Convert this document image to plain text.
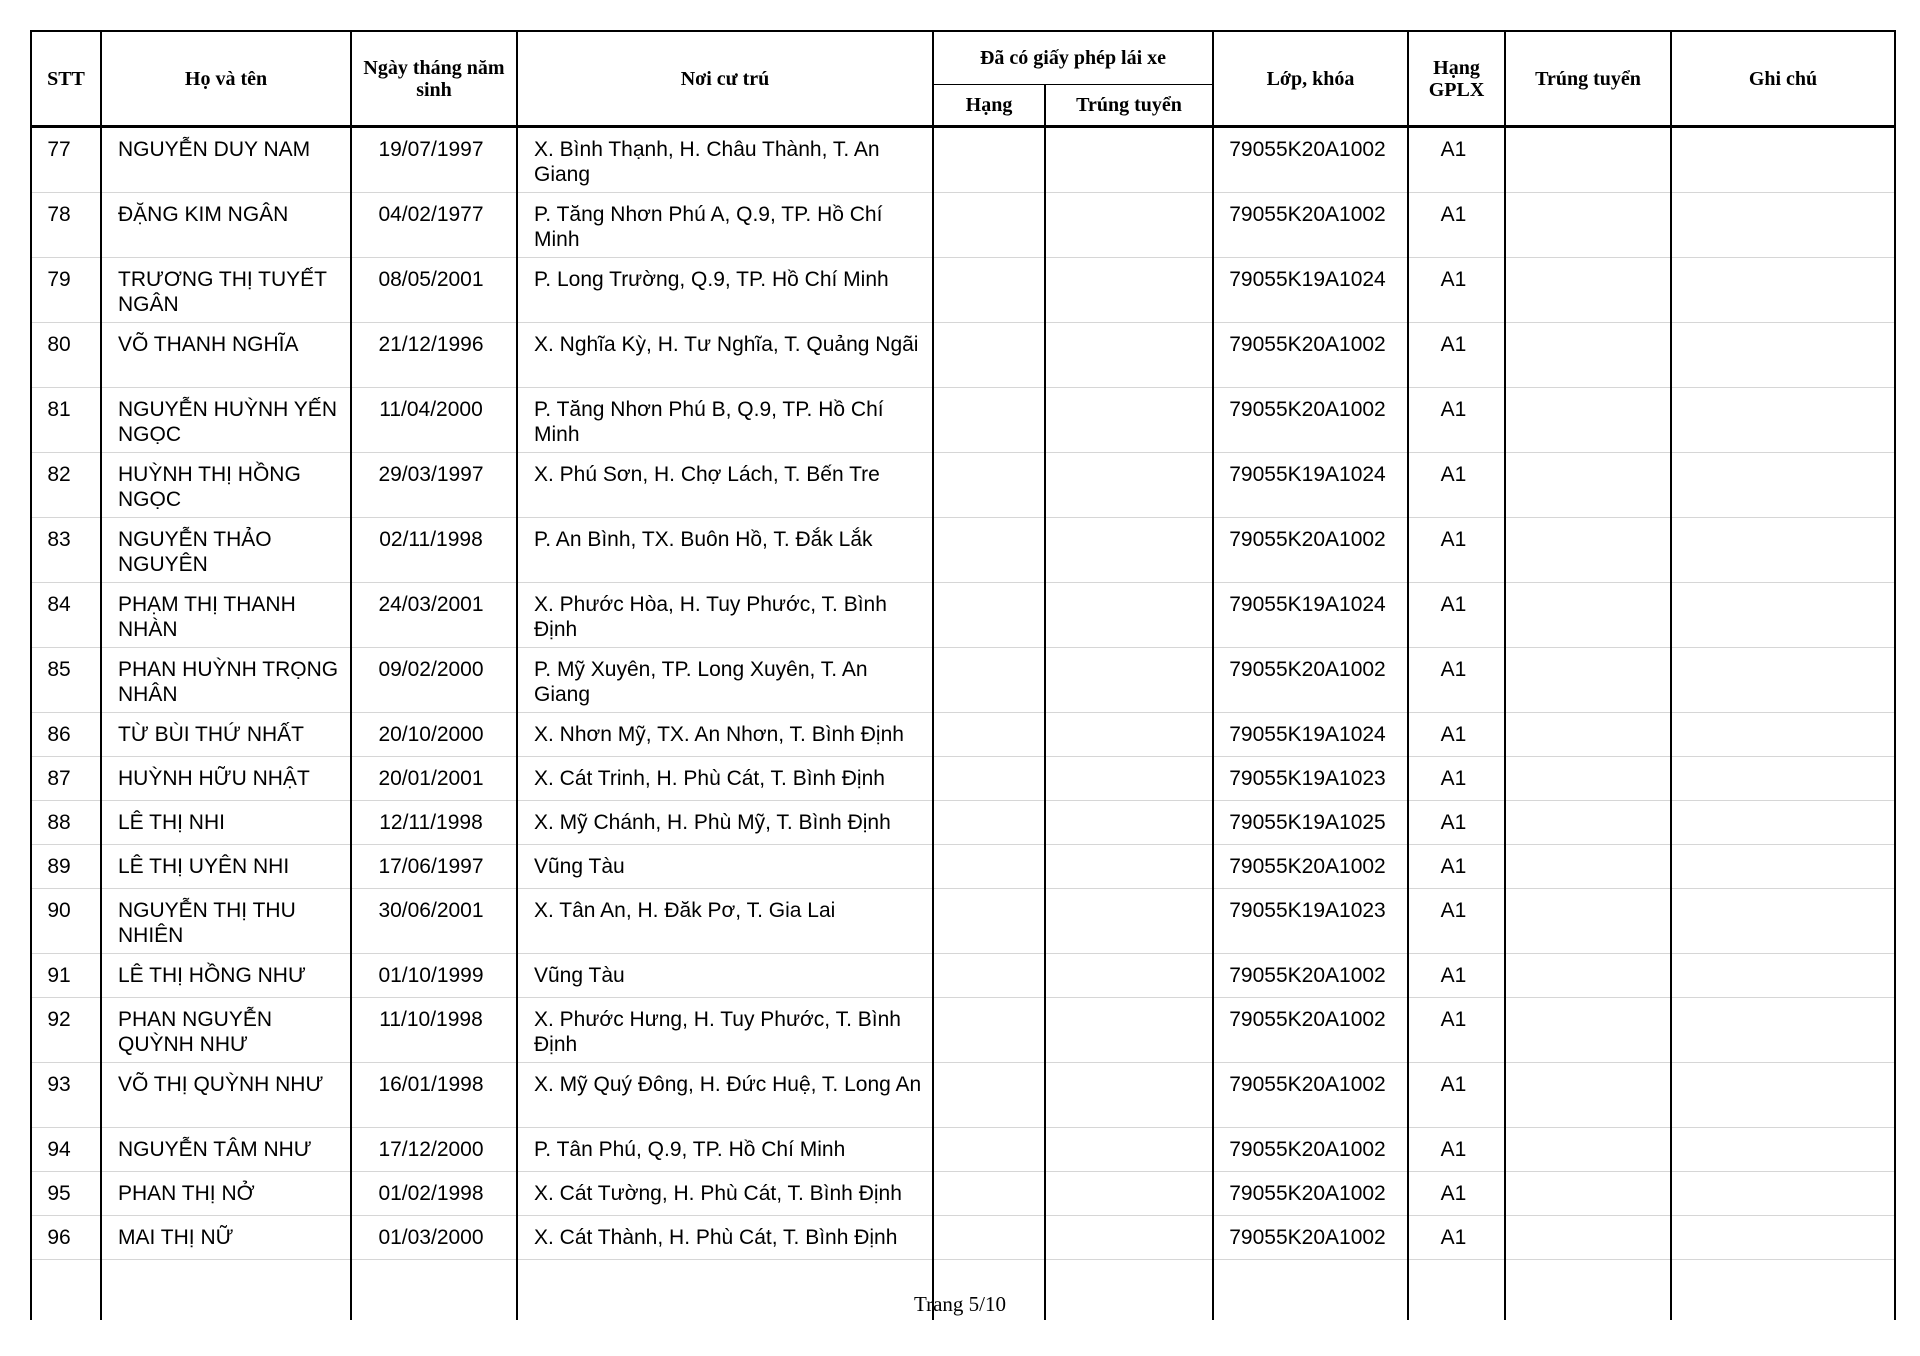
STT	Họ và tên	Ngày tháng năm sinh	Nơi cư trú	Đã có giấy phép lái xe		Lớp, khóa	Hạng GPLX	Trúng tuyển	Ghi chú
				Hạng	Trúng tuyển				
77	NGUYỄN DUY NAM	19/07/1997	X. Bình Thạnh, H. Châu Thành, T. An Giang			79055K20A1002	A1		
78	ĐẶNG KIM NGÂN	04/02/1977	P. Tăng Nhơn Phú A, Q.9, TP. Hồ Chí Minh			79055K20A1002	A1		
79	TRƯƠNG THỊ TUYẾT NGÂN	08/05/2001	P. Long Trường, Q.9, TP. Hồ Chí Minh			79055K19A1024	A1		
80	VÕ THANH NGHĨA	21/12/1996	X. Nghĩa Kỳ, H. Tư Nghĩa, T. Quảng Ngãi			79055K20A1002	A1		
81	NGUYỄN HUỲNH YẾN NGỌC	11/04/2000	P. Tăng Nhơn Phú B, Q.9, TP. Hồ Chí Minh			79055K20A1002	A1		
82	HUỲNH THỊ HỒNG NGỌC	29/03/1997	X. Phú Sơn, H. Chợ Lách, T. Bến Tre			79055K19A1024	A1		
83	NGUYỄN THẢO NGUYÊN	02/11/1998	P. An Bình, TX. Buôn Hồ, T. Đắk Lắk			79055K20A1002	A1		
84	PHẠM THỊ THANH NHÀN	24/03/2001	X. Phước Hòa, H. Tuy Phước, T. Bình Định			79055K19A1024	A1		
85	PHAN HUỲNH TRỌNG NHÂN	09/02/2000	P. Mỹ Xuyên, TP. Long Xuyên, T. An Giang			79055K20A1002	A1		
86	TỪ BÙI THỨ NHẤT	20/10/2000	X. Nhơn Mỹ, TX. An Nhơn, T. Bình Định			79055K19A1024	A1		
87	HUỲNH HỮU NHẬT	20/01/2001	X. Cát Trinh, H. Phù Cát, T. Bình Định			79055K19A1023	A1		
88	LÊ THỊ NHI	12/11/1998	X. Mỹ Chánh, H. Phù Mỹ, T. Bình Định			79055K19A1025	A1		
89	LÊ THỊ UYÊN NHI	17/06/1997	Vũng Tàu			79055K20A1002	A1		
90	NGUYỄN THỊ THU NHIÊN	30/06/2001	X. Tân An, H. Đăk Pơ, T. Gia Lai			79055K19A1023	A1		
91	LÊ THỊ HỒNG NHƯ	01/10/1999	Vũng Tàu			79055K20A1002	A1		
92	PHAN NGUYỄN QUỲNH NHƯ	11/10/1998	X. Phước Hưng, H. Tuy Phước, T. Bình Định			79055K20A1002	A1		
93	VÕ THỊ QUỲNH NHƯ	16/01/1998	X. Mỹ Quý Đông, H. Đức Huệ, T. Long An			79055K20A1002	A1		
94	NGUYỄN TÂM NHƯ	17/12/2000	P. Tân Phú, Q.9, TP. Hồ Chí Minh			79055K20A1002	A1		
95	PHAN THỊ NỞ	01/02/1998	X. Cát Tường, H. Phù Cát, T. Bình Định			79055K20A1002	A1		
96	MAI THỊ NỮ	01/03/2000	X. Cát Thành, H. Phù Cát, T. Bình Định			79055K20A1002	A1		

Trang 5/10
